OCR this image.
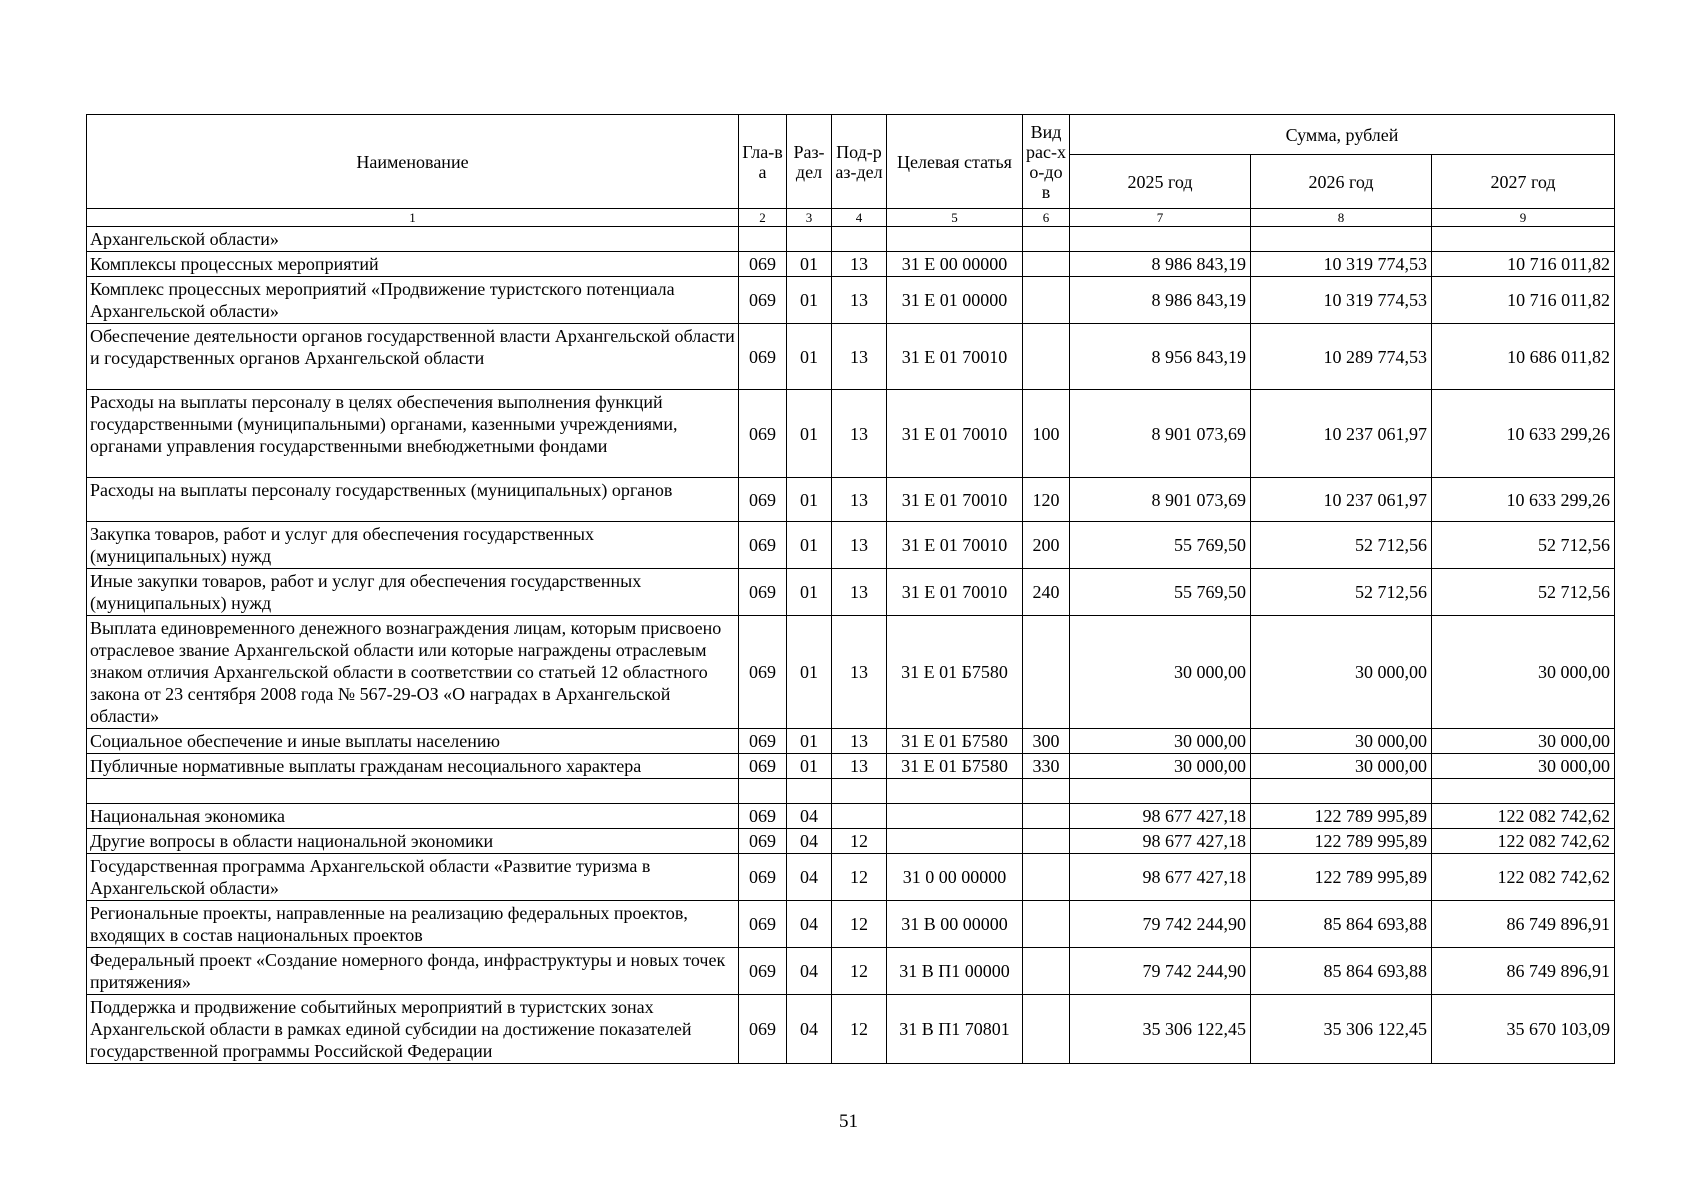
Наименование	Гла-ва	Раз-дел	Под-раз-дел	Целевая статья	Вид рас-хо-дов	Сумма, рублей		
						2025 год	2026 год	2027 год
1	2	3	4	5	6	7	8	9
Архангельской области»								
Комплексы процессных мероприятий	069	01	13	31 Е 00 00000		8 986 843,19	10 319 774,53	10 716 011,82
Комплекс процессных мероприятий «Продвижение туристского потенциала Архангельской области»	069	01	13	31 Е 01 00000		8 986 843,19	10 319 774,53	10 716 011,82
Обеспечение деятельности органов государственной власти Архангельской области и государственных органов Архангельской области	069	01	13	31 Е 01 70010		8 956 843,19	10 289 774,53	10 686 011,82
Расходы на выплаты персоналу в целях обеспечения выполнения функций государственными (муниципальными) органами, казенными учреждениями, органами управления государственными внебюджетными фондами	069	01	13	31 Е 01 70010	100	8 901 073,69	10 237 061,97	10 633 299,26
Расходы на выплаты персоналу государственных (муниципальных) органов	069	01	13	31 Е 01 70010	120	8 901 073,69	10 237 061,97	10 633 299,26
Закупка товаров, работ и услуг для обеспечения государственных (муниципальных) нужд	069	01	13	31 Е 01 70010	200	55 769,50	52 712,56	52 712,56
Иные закупки товаров, работ и услуг для обеспечения государственных (муниципальных) нужд	069	01	13	31 Е 01 70010	240	55 769,50	52 712,56	52 712,56
Выплата единовременного денежного вознаграждения лицам, которым присвоено отраслевое звание Архангельской области или которые награждены отраслевым знаком отличия Архангельской области в соответствии со статьей 12 областного закона от 23 сентября 2008 года № 567-29-ОЗ «О наградах в Архангельской области»	069	01	13	31 Е 01 Б7580		30 000,00	30 000,00	30 000,00
Социальное обеспечение и иные выплаты населению	069	01	13	31 Е 01 Б7580	300	30 000,00	30 000,00	30 000,00
Публичные нормативные выплаты гражданам несоциального характера	069	01	13	31 Е 01 Б7580	330	30 000,00	30 000,00	30 000,00

Национальная экономика	069	04				98 677 427,18	122 789 995,89	122 082 742,62
Другие вопросы в области национальной экономики	069	04	12			98 677 427,18	122 789 995,89	122 082 742,62
Государственная программа Архангельской области «Развитие туризма в Архангельской области»	069	04	12	31 0 00 00000		98 677 427,18	122 789 995,89	122 082 742,62
Региональные проекты, направленные на реализацию федеральных проектов, входящих в состав национальных проектов	069	04	12	31 В 00 00000		79 742 244,90	85 864 693,88	86 749 896,91
Федеральный проект «Создание номерного фонда, инфраструктуры и новых точек притяжения»	069	04	12	31 В П1 00000		79 742 244,90	85 864 693,88	86 749 896,91
Поддержка и продвижение событийных мероприятий в туристских зонах Архангельской области в рамках единой субсидии на достижение показателей государственной программы Российской Федерации	069	04	12	31 В П1 70801		35 306 122,45	35 306 122,45	35 670 103,09
51
